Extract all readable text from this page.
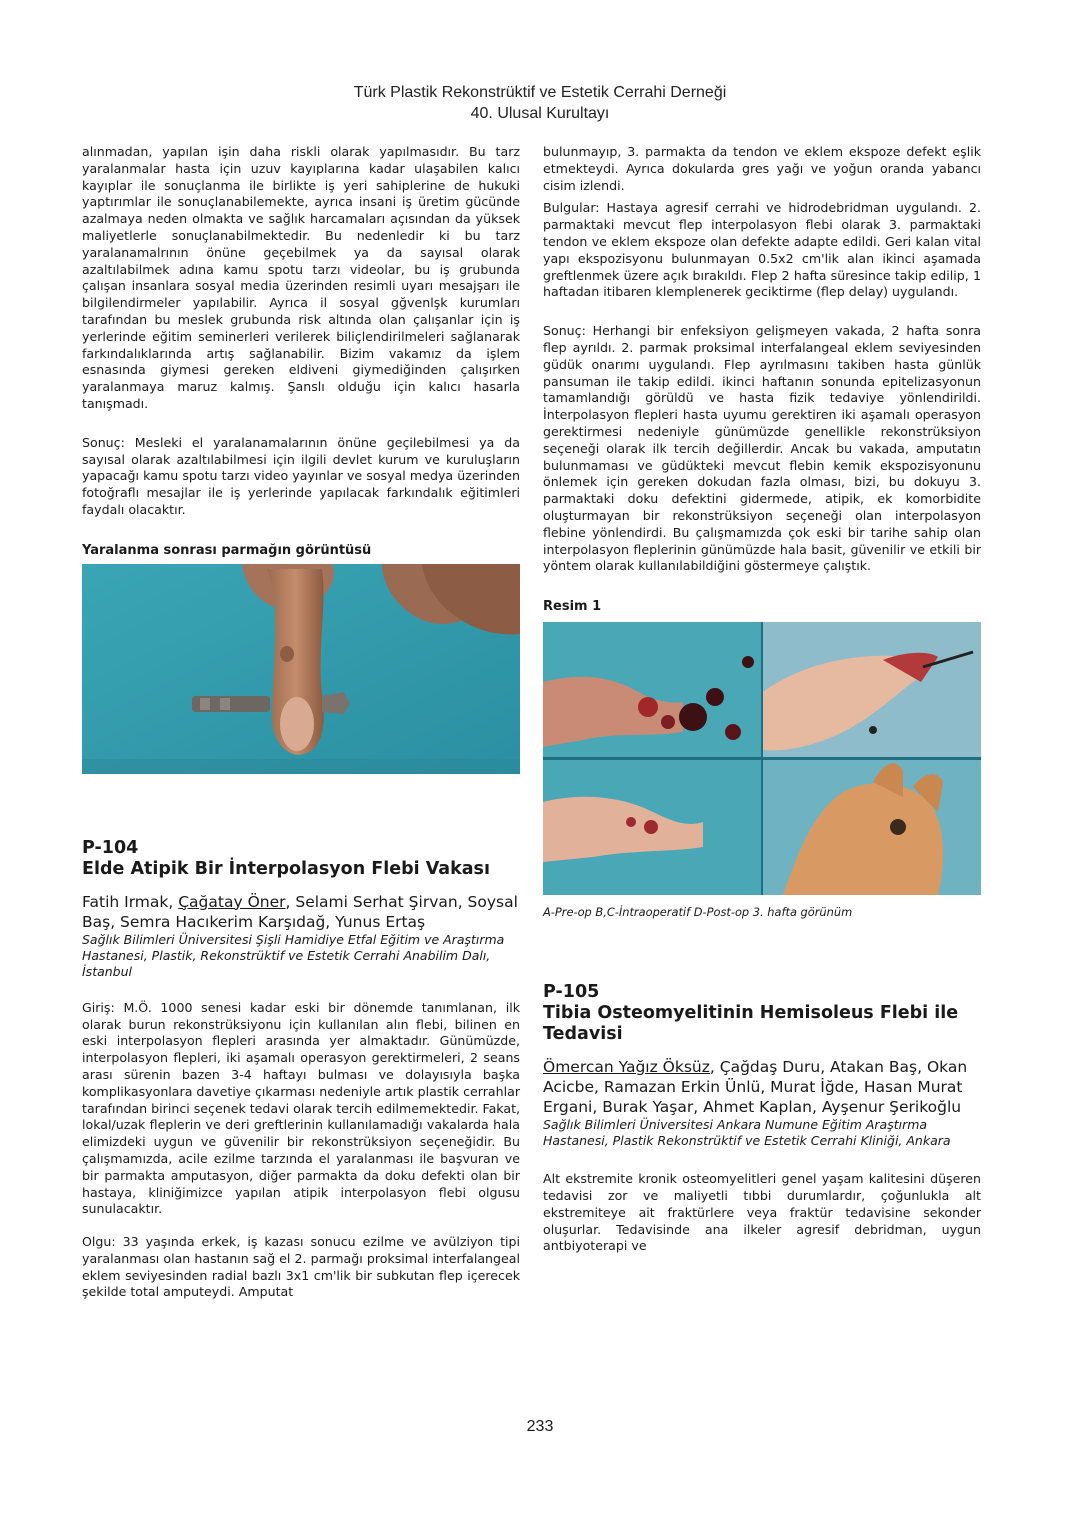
Türk Plastik Rekonstrüktif ve Estetik Cerrahi Derneği
40. Ulusal Kurultayı

alınmadan, yapılan işin daha riskli olarak yapılmasıdır. Bu tarz yaralanmalar hasta için uzuv kayıplarına kadar ulaşabilen kalıcı kayıplar ile sonuçlanma ile birlikte iş yeri sahiplerine de hukuki yaptırımlar ile sonuçlanabilemekte, ayrıca insani iş üretim gücünde azalmaya neden olmakta ve sağlık harcamaları açısından da yüksek maliyetlerle sonuçlanabilmektedir. Bu nedenledir ki bu tarz yaralanamalrının önüne geçebilmek ya da sayısal olarak azaltılabilmek adına kamu spotu tarzı videolar, bu iş grubunda çalışan insanlara sosyal media üzerinden resimli uyarı mesajşarı ile bilgilendirmeler yapılabilir. Ayrıca il sosyal gğvenlşk kurumları tarafından bu meslek grubunda risk altında olan çalışanlar için iş yerlerinde eğitim seminerleri verilerek biliçlendirilmeleri sağlanarak farkındalıklarında artış sağlanabilir. Bizim vakamız da işlem esnasında giymesi gereken eldiveni giymediğinden çalışırken yaralanmaya maruz kalmış. Şanslı olduğu için kalıcı hasarla tanışmadı.

Sonuç: Mesleki el yaralanamalarının önüne geçilebilmesi ya da sayısal olarak azaltılabilmesi için ilgili devlet kurum ve kuruluşların yapacağı kamu spotu tarzı video yayınlar ve sosyal medya üzerinden fotoğraflı mesajlar ile iş yerlerinde yapılacak farkındalık eğitimleri faydalı olacaktır.

Yaralanma sonrası parmağın görüntüsü

P-104

Elde Atipik Bir İnterpolasyon Flebi Vakası

Fatih Irmak, Çağatay Öner, Selami Serhat Şirvan, Soysal Baş, Semra Hacıkerim Karşıdağ, Yunus Ertaş

Sağlık Bilimleri Üniversitesi Şişli Hamidiye Etfal Eğitim ve Araştırma Hastanesi, Plastik, Rekonstrüktif ve Estetik Cerrahi Anabilim Dalı, İstanbul

Giriş: M.Ö. 1000 senesi kadar eski bir dönemde tanımlanan, ilk olarak burun rekonstrüksiyonu için kullanılan alın flebi, bilinen en eski interpolasyon flepleri arasında yer almaktadır. Günümüzde, interpolasyon flepleri, iki aşamalı operasyon gerektirmeleri, 2 seans arası sürenin bazen 3-4 haftayı bulması ve dolayısıyla başka komplikasyonlara davetiye çıkarması nedeniyle artık plastik cerrahlar tarafından birinci seçenek tedavi olarak tercih edilmemektedir. Fakat, lokal/uzak fleplerin ve deri greftlerinin kullanılamadığı vakalarda hala elimizdeki uygun ve güvenilir bir rekonstrüksiyon seçeneğidir. Bu çalışmamızda, acile ezilme tarzında el yaralanması ile başvuran ve bir parmakta amputasyon, diğer parmakta da doku defekti olan bir hastaya, kliniğimizce yapılan atipik interpolasyon flebi olgusu sunulacaktır.

Olgu: 33 yaşında erkek, iş kazası sonucu ezilme ve avülziyon tipi yaralanması olan hastanın sağ el 2. parmağı proksimal interfalangeal eklem seviyesinden radial bazlı 3x1 cm'lik bir subkutan flep içerecek şekilde total amputeydi. Amputat

bulunmayıp, 3. parmakta da tendon ve eklem ekspoze defekt eşlik etmekteydi. Ayrıca dokularda gres yağı ve yoğun oranda yabancı cisim izlendi.

Bulgular: Hastaya agresif cerrahi ve hidrodebridman uygulandı. 2. parmaktaki mevcut flep interpolasyon flebi olarak 3. parmaktaki tendon ve eklem ekspoze olan defekte adapte edildi. Geri kalan vital yapı ekspozisyonu bulunmayan 0.5x2 cm'lik alan ikinci aşamada greftlenmek üzere açık bırakıldı. Flep 2 hafta süresince takip edilip, 1 haftadan itibaren klemplenerek geciktirme (flep delay) uygulandı.

Sonuç: Herhangi bir enfeksiyon gelişmeyen vakada, 2 hafta sonra flep ayrıldı. 2. parmak proksimal interfalangeal eklem seviyesinden güdük onarımı uygulandı. Flep ayrılmasını takiben hasta günlük pansuman ile takip edildi. ikinci haftanın sonunda epitelizasyonun tamamlandığı görüldü ve hasta fizik tedaviye yönlendirildi. İnterpolasyon flepleri hasta uyumu gerektiren iki aşamalı operasyon gerektirmesi nedeniyle günümüzde genellikle rekonstrüksiyon seçeneği olarak ilk tercih değillerdir. Ancak bu vakada, amputatın bulunmaması ve güdükteki mevcut flebin kemik ekspozisyonunu önlemek için gereken dokudan fazla olması, bizi, bu dokuyu 3. parmaktaki doku defektini gidermede, atipik, ek komorbidite oluşturmayan bir rekonstrüksiyon seçeneği olan interpolasyon flebine yönlendirdi. Bu çalışmamızda çok eski bir tarihe sahip olan interpolasyon fleplerinin günümüzde hala basit, güvenilir ve etkili bir yöntem olarak kullanılabildiğini göstermeye çalıştık.

Resim 1

A-Pre-op B,C-İntraoperatif D-Post-op 3. hafta görünüm

P-105

Tibia Osteomyelitinin Hemisoleus Flebi ile Tedavisi

Ömercan Yağız Öksüz, Çağdaş Duru, Atakan Baş, Okan Acicbe, Ramazan Erkin Ünlü, Murat İğde, Hasan Murat Ergani, Burak Yaşar, Ahmet Kaplan, Ayşenur Şerikoğlu

Sağlık Bilimleri Üniversitesi Ankara Numune Eğitim Araştırma Hastanesi, Plastik Rekonstrüktif ve Estetik Cerrahi Kliniği, Ankara

Alt ekstremite kronik osteomyelitleri genel yaşam kalitesini düşeren tedavisi zor ve maliyetli tıbbi durumlardır, çoğunlukla alt ekstremiteye ait fraktürlere veya fraktür tedavisine sekonder oluşurlar. Tedavisinde ana ilkeler agresif debridman, uygun antbiyoterapi ve

233
